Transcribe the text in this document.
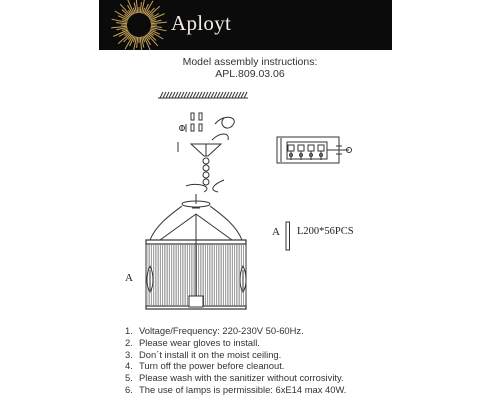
Aployt
Model assembly instructions:
APL.809.03.06
A
A L200*56PCS
1. Voltage/Frequency: 220-230V 50-60Hz.
2. Please wear gloves to install.
3. Don´t install it on the moist ceiling.
4. Turn off the power before cleanout.
5. Please wash with the sanitizer without corrosivity.
6. The use of lamps is permissible: 6xE14 max 40W.
